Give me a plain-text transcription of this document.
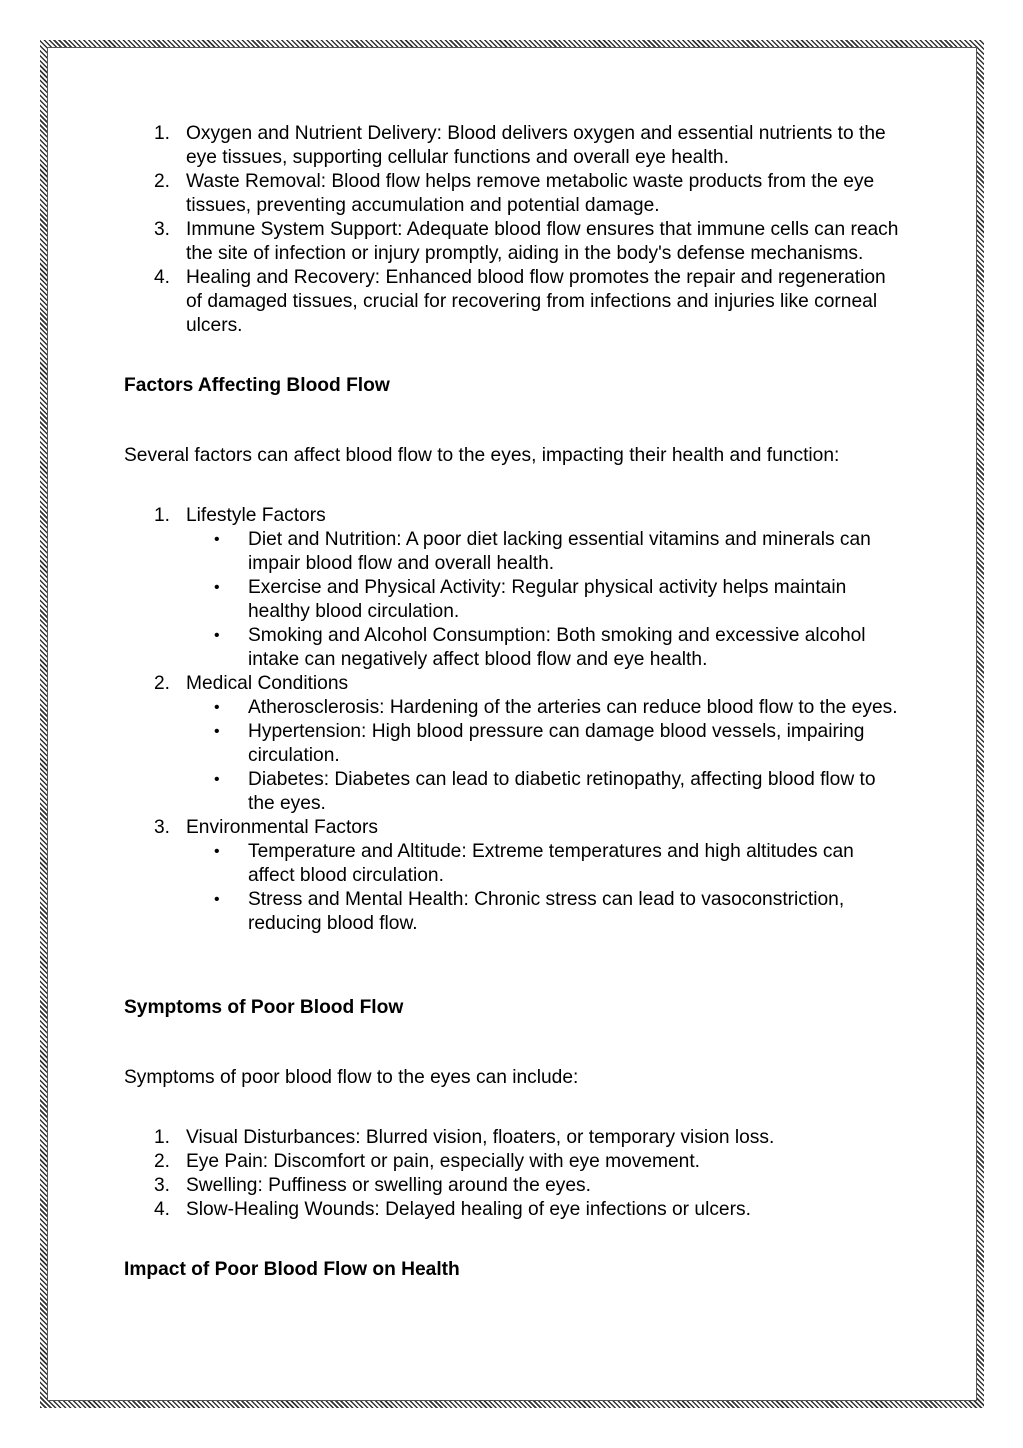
1. Oxygen and Nutrient Delivery: Blood delivers oxygen and essential nutrients to the eye tissues, supporting cellular functions and overall eye health.
2. Waste Removal: Blood flow helps remove metabolic waste products from the eye tissues, preventing accumulation and potential damage.
3. Immune System Support: Adequate blood flow ensures that immune cells can reach the site of infection or injury promptly, aiding in the body's defense mechanisms.
4. Healing and Recovery: Enhanced blood flow promotes the repair and regeneration of damaged tissues, crucial for recovering from infections and injuries like corneal ulcers.
Factors Affecting Blood Flow

Several factors can affect blood flow to the eyes, impacting their health and function:

1. Lifestyle Factors
• Diet and Nutrition: A poor diet lacking essential vitamins and minerals can impair blood flow and overall health.
• Exercise and Physical Activity: Regular physical activity helps maintain healthy blood circulation.
• Smoking and Alcohol Consumption: Both smoking and excessive alcohol intake can negatively affect blood flow and eye health.
2. Medical Conditions
• Atherosclerosis: Hardening of the arteries can reduce blood flow to the eyes.
• Hypertension: High blood pressure can damage blood vessels, impairing circulation.
• Diabetes: Diabetes can lead to diabetic retinopathy, affecting blood flow to the eyes.
3. Environmental Factors
• Temperature and Altitude: Extreme temperatures and high altitudes can affect blood circulation.
• Stress and Mental Health: Chronic stress can lead to vasoconstriction, reducing blood flow.
Symptoms of Poor Blood Flow

Symptoms of poor blood flow to the eyes can include:

1. Visual Disturbances: Blurred vision, floaters, or temporary vision loss.
2. Eye Pain: Discomfort or pain, especially with eye movement.
3. Swelling: Puffiness or swelling around the eyes.
4. Slow-Healing Wounds: Delayed healing of eye infections or ulcers.
Impact of Poor Blood Flow on Health
